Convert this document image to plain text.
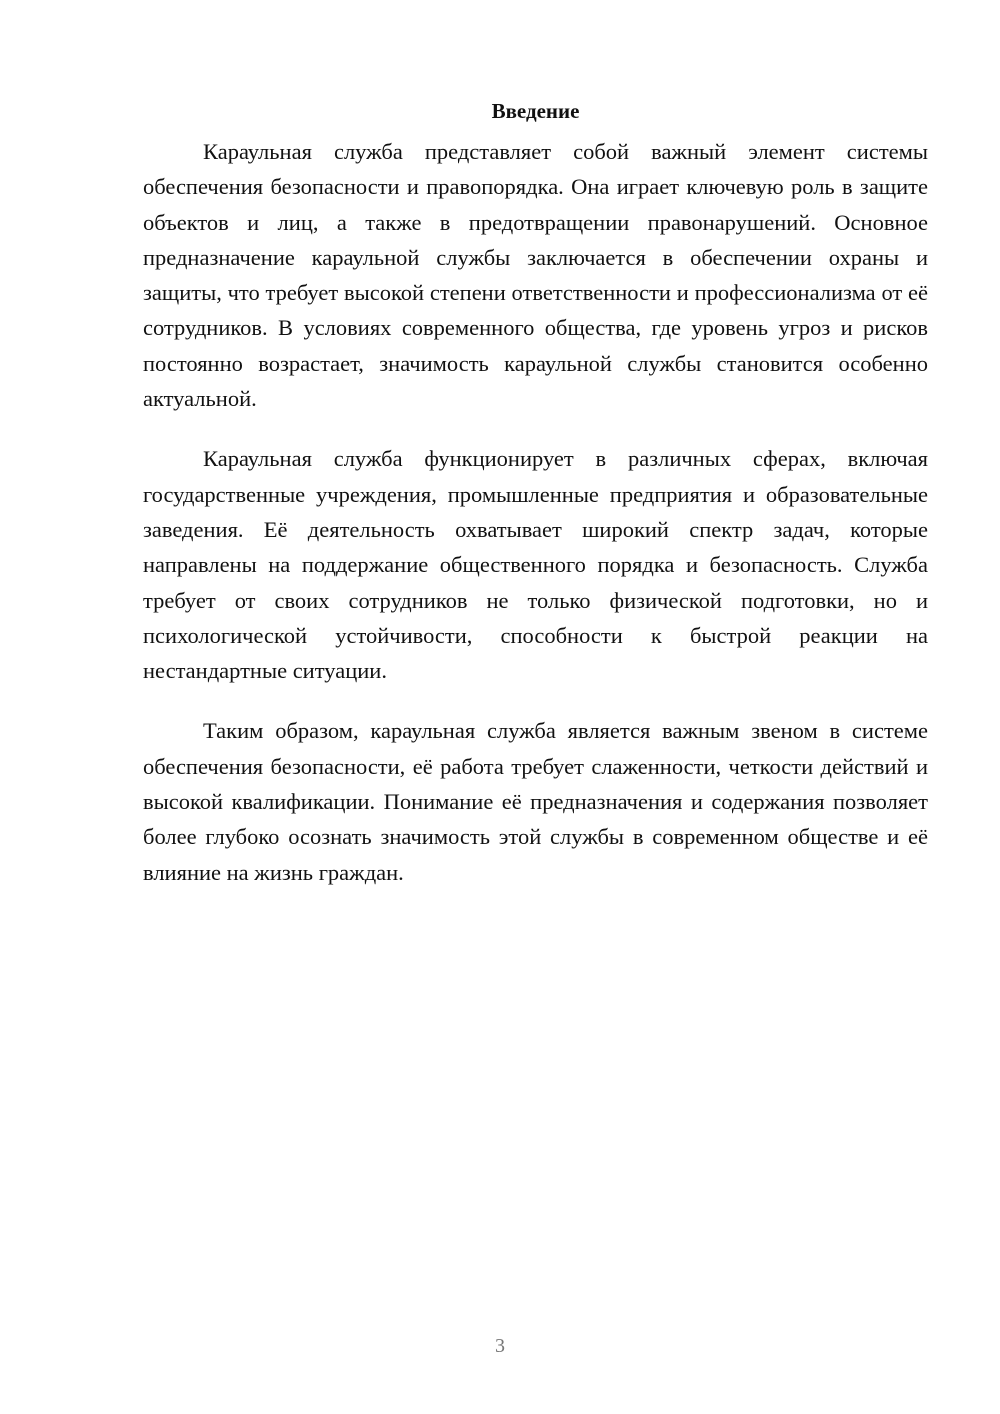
Введение

Караульная служба представляет собой важный элемент системы обеспечения безопасности и правопорядка. Она играет ключевую роль в защите объектов и лиц, а также в предотвращении правонарушений. Основное предназначение караульной службы заключается в обеспечении охраны и защиты, что требует высокой степени ответственности и профессионализма от её сотрудников. В условиях современного общества, где уровень угроз и рисков постоянно возрастает, значимость караульной службы становится особенно актуальной.

Караульная служба функционирует в различных сферах, включая государственные учреждения, промышленные предприятия и образовательные заведения. Её деятельность охватывает широкий спектр задач, которые направлены на поддержание общественного порядка и безопасность. Служба требует от своих сотрудников не только физической подготовки, но и психологической устойчивости, способности к быстрой реакции на нестандартные ситуации.

Таким образом, караульная служба является важным звеном в системе обеспечения безопасности, её работа требует слаженности, четкости действий и высокой квалификации. Понимание её предназначения и содержания позволяет более глубоко осознать значимость этой службы в современном обществе и её влияние на жизнь граждан.

3
